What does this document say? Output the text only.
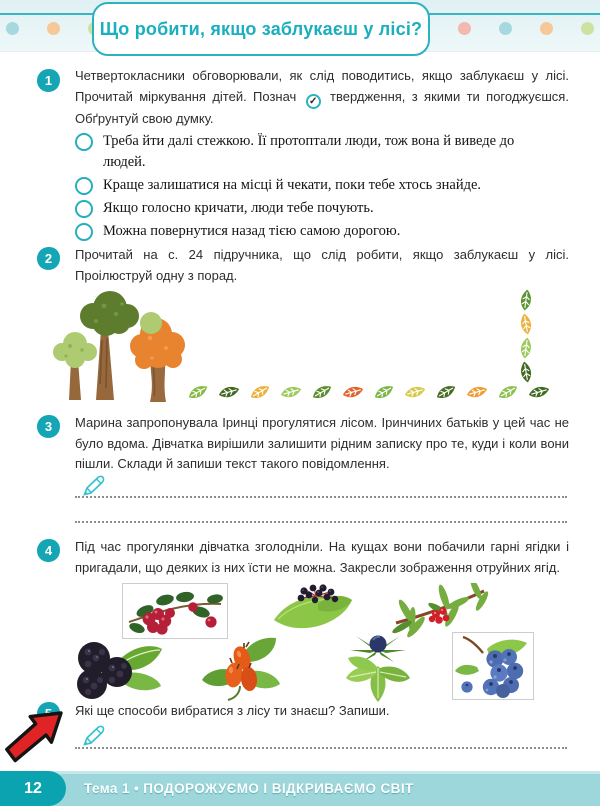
Що робити, якщо заблукаєш у лісі?
1	Четвертокласники обговорювали, як слід поводитись, якщо заблукаєш у лісі. Прочитай міркування дітей. Познач ✓ твердження, з якими ти погоджуєшся. Обґрунтуй свою думку.
Треба йти далі стежкою. Її протоптали люди, тож вона й виведе до людей.
Краще залишатися на місці й чекати, поки тебе хтось знайде.
Якщо голосно кричати, люди тебе почують.
Можна повернутися назад тією самою дорогою.
2	Прочитай на с. 24 підручника, що слід робити, якщо заблукаєш у лісі. Проілюструй одну з порад.
3	Марина запропонувала Іринці прогулятися лісом. Іринчиних батьків у цей час не було вдома. Дівчатка вирішили залишити рідним записку про те, куди і коли вони пішли. Склади й запиши текст такого повідомлення.
4	Під час прогулянки дівчатка зголодніли. На кущах вони побачили гарні ягідки і пригадали, що деяких із них їсти не можна. Закресли зображення отруйних ягід.
Які ще способи вибратися з лісу ти знаєш? Запиши.
12	Тема 1 • ПОДОРОЖУЄМО І ВІДКРИВАЄМО СВІТ
